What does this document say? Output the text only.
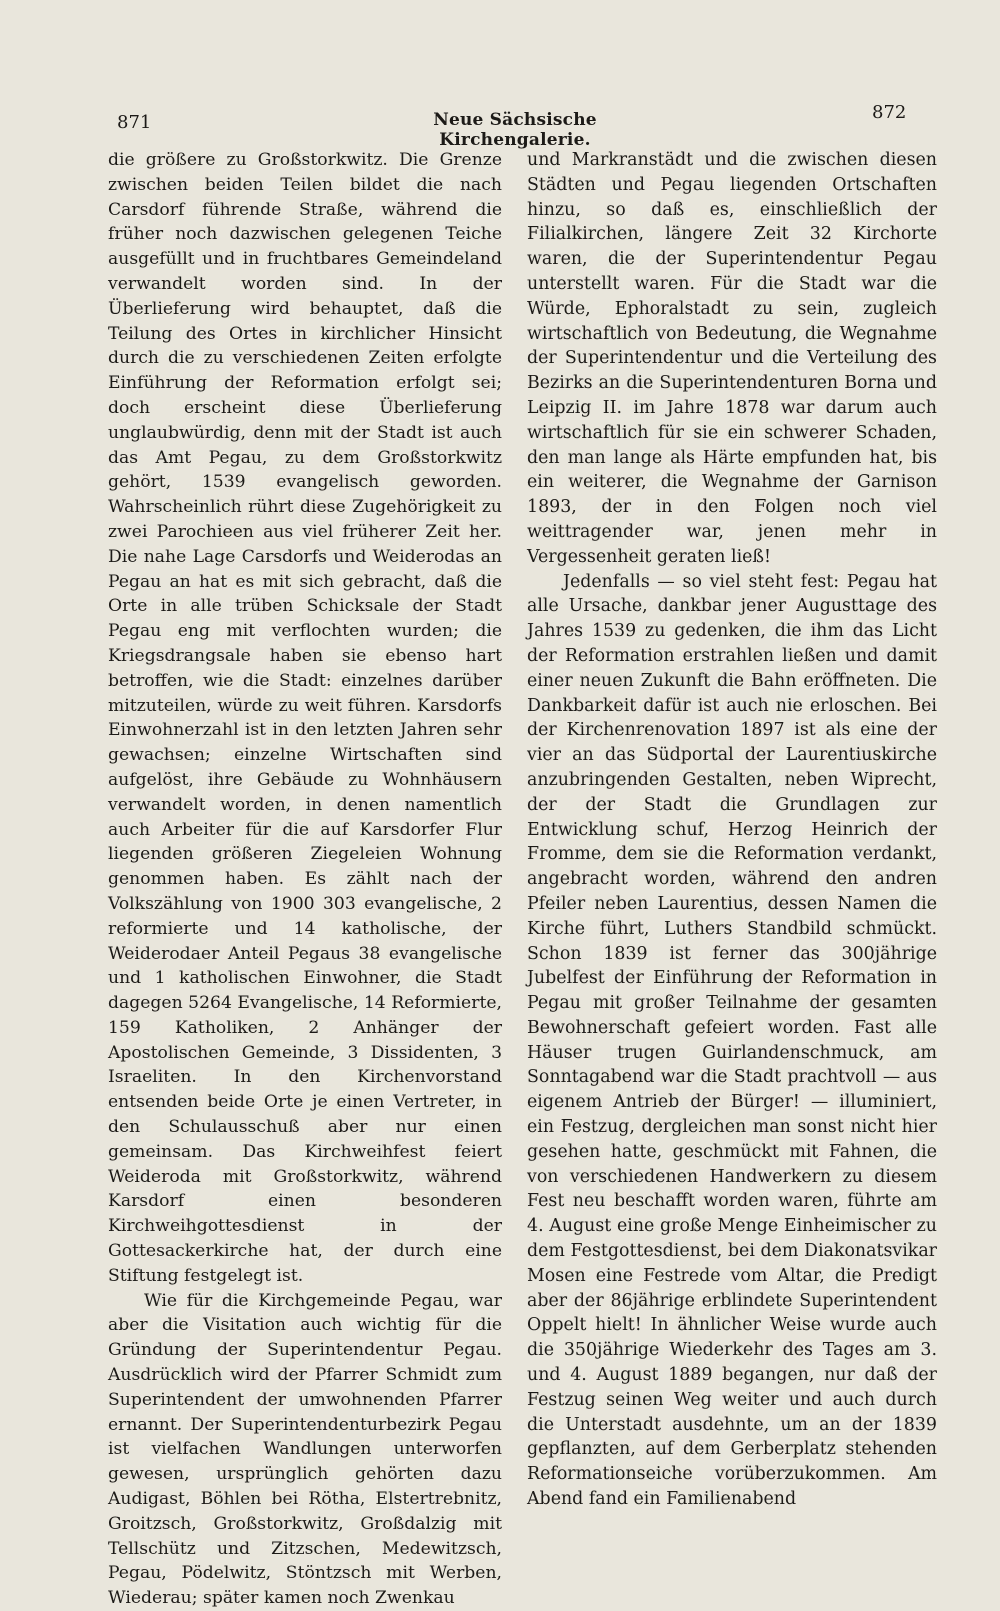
871	Neue Sächsische Kirchengalerie.
872

die größere zu Großstorkwitz. Die Grenze zwischen beiden Teilen bildet die nach Carsdorf führende Straße, während die früher noch dazwischen gelegenen Teiche ausgefüllt und in fruchtbares Gemeindeland verwandelt worden sind. In der Überlieferung wird behauptet, daß die Teilung des Ortes in kirchlicher Hinsicht durch die zu verschiedenen Zeiten erfolgte Einführung der Reformation erfolgt sei; doch erscheint diese Überlieferung unglaubwürdig, denn mit der Stadt ist auch das Amt Pegau, zu dem Großstorkwitz gehört, 1539 evangelisch geworden. Wahrscheinlich rührt diese Zugehörigkeit zu zwei Parochieen aus viel früherer Zeit her. Die nahe Lage Carsdorfs und Weiderodas an Pegau an hat es mit sich gebracht, daß die Orte in alle trüben Schicksale der Stadt Pegau eng mit verflochten wurden; die Kriegsdrangsale haben sie ebenso hart betroffen, wie die Stadt: einzelnes darüber mitzuteilen, würde zu weit führen. Karsdorfs Einwohnerzahl ist in den letzten Jahren sehr gewachsen; einzelne Wirtschaften sind aufgelöst, ihre Gebäude zu Wohnhäusern verwandelt worden, in denen namentlich auch Arbeiter für die auf Karsdorfer Flur liegenden größeren Ziegeleien Wohnung genommen haben. Es zählt nach der Volkszählung von 1900 303 evangelische, 2 reformierte und 14 katholische, der Weiderodaer Anteil Pegaus 38 evangelische und 1 katholischen Einwohner, die Stadt dagegen 5264 Evangelische, 14 Reformierte, 159 Katholiken, 2 Anhänger der Apostolischen Gemeinde, 3 Dissidenten, 3 Israeliten. In den Kirchenvorstand entsenden beide Orte je einen Vertreter, in den Schulausschuß aber nur einen gemeinsam. Das Kirchweihfest feiert Weideroda mit Großstorkwitz, während Karsdorf einen besonderen Kirchweihgottesdienst in der Gottesackerkirche hat, der durch eine Stiftung festgelegt ist.

Wie für die Kirchgemeinde Pegau, war aber die Visitation auch wichtig für die Gründung der Superintendentur Pegau. Ausdrücklich wird der Pfarrer Schmidt zum Superintendent der umwohnenden Pfarrer ernannt. Der Superintendenturbezirk Pegau ist vielfachen Wandlungen unterworfen gewesen, ursprünglich gehörten dazu Audigast, Böhlen bei Rötha, Elstertrebnitz, Groitzsch, Großstorkwitz, Großdalzig mit Tellschütz und Zitzschen, Medewitzsch, Pegau, Pödelwitz, Stöntzsch mit Werben, Wiederau; später kamen noch Zwenkau

und Markranstädt und die zwischen diesen Städten und Pegau liegenden Ortschaften hinzu, so daß es, einschließlich der Filialkirchen, längere Zeit 32 Kirchorte waren, die der Superintendentur Pegau unterstellt waren. Für die Stadt war die Würde, Ephoralstadt zu sein, zugleich wirtschaftlich von Bedeutung, die Wegnahme der Superintendentur und die Verteilung des Bezirks an die Superintendenturen Borna und Leipzig II. im Jahre 1878 war darum auch wirtschaftlich für sie ein schwerer Schaden, den man lange als Härte empfunden hat, bis ein weiterer, die Wegnahme der Garnison 1893, der in den Folgen noch viel weittragender war, jenen mehr in Vergessenheit geraten ließ!

Jedenfalls — so viel steht fest: Pegau hat alle Ursache, dankbar jener Augusttage des Jahres 1539 zu gedenken, die ihm das Licht der Reformation erstrahlen ließen und damit einer neuen Zukunft die Bahn eröffneten. Die Dankbarkeit dafür ist auch nie erloschen. Bei der Kirchenrenovation 1897 ist als eine der vier an das Südportal der Laurentiuskirche anzubringenden Gestalten, neben Wiprecht, der der Stadt die Grundlagen zur Entwicklung schuf, Herzog Heinrich der Fromme, dem sie die Reformation verdankt, angebracht worden, während den andren Pfeiler neben Laurentius, dessen Namen die Kirche führt, Luthers Standbild schmückt. Schon 1839 ist ferner das 300jährige Jubelfest der Einführung der Reformation in Pegau mit großer Teilnahme der gesamten Bewohnerschaft gefeiert worden. Fast alle Häuser trugen Guirlandenschmuck, am Sonntagabend war die Stadt prachtvoll — aus eigenem Antrieb der Bürger! — illuminiert, ein Festzug, dergleichen man sonst nicht hier gesehen hatte, geschmückt mit Fahnen, die von verschiedenen Handwerkern zu diesem Fest neu beschafft worden waren, führte am 4. August eine große Menge Einheimischer zu dem Festgottesdienst, bei dem Diakonatsvikar Mosen eine Festrede vom Altar, die Predigt aber der 86jährige erblindete Superintendent Oppelt hielt! In ähnlicher Weise wurde auch die 350jährige Wiederkehr des Tages am 3. und 4. August 1889 begangen, nur daß der Festzug seinen Weg weiter und auch durch die Unterstadt ausdehnte, um an der 1839 gepflanzten, auf dem Gerberplatz stehenden Reformationseiche vorüberzukommen. Am Abend fand ein Familienabend
